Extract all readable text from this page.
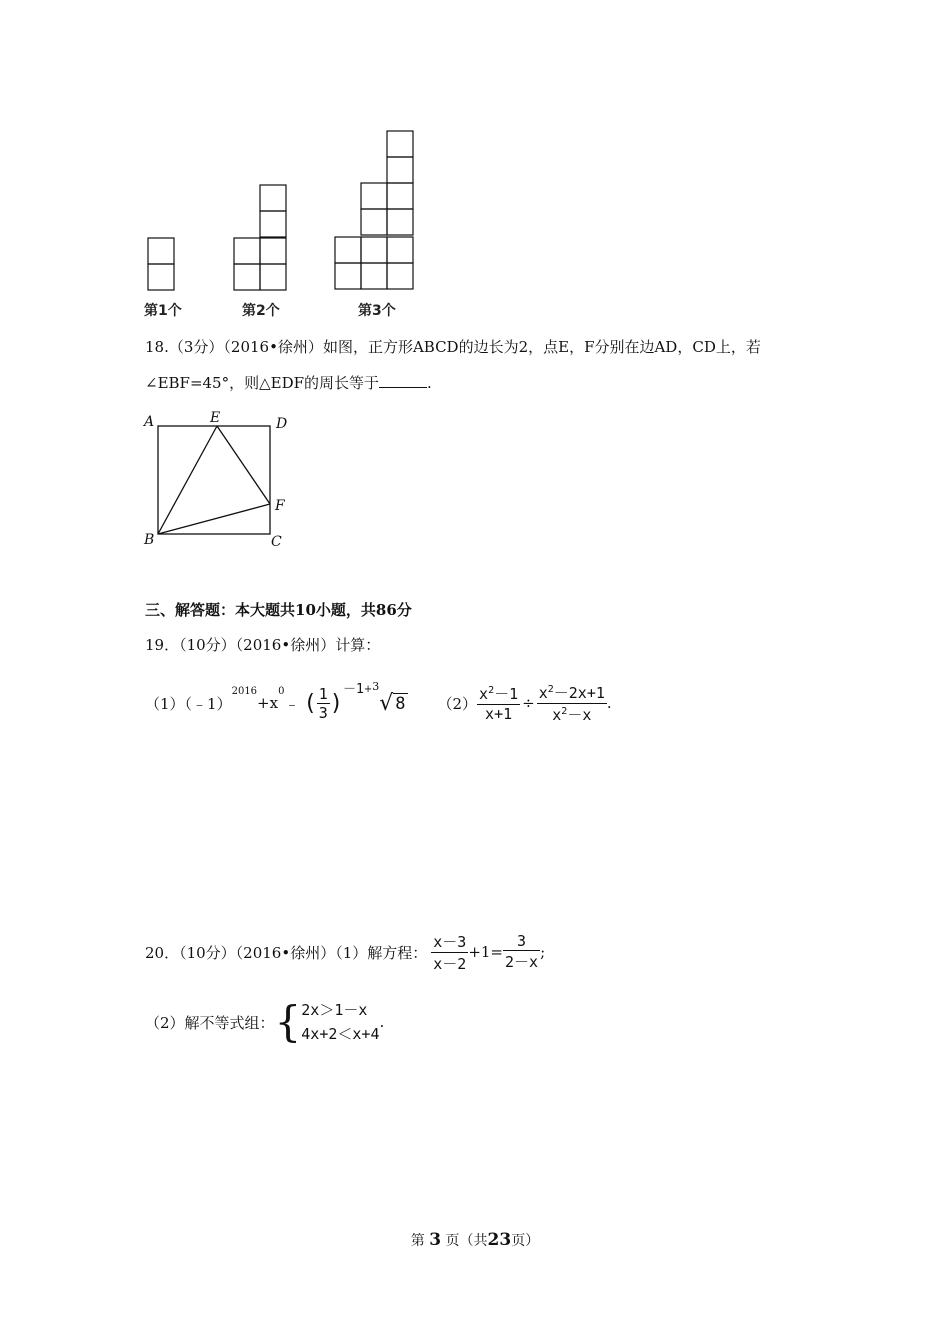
第1个	第2个	第3个
18.（3分）（2016•徐州）如图，正方形ABCD的边长为2，点E，F分别在边AD，CD上，若
∠EBF=45°，则△EDF的周长等于	.
A	E	D
F
B	C
三、解答题：本大题共10小题，共86分
19．（10分）（2016•徐州）计算：
（1）（﹣1）
$^{2016}$
+x
$^0$
﹣ ( $\frac{1}{3}$ )
－1 +$^3$
√ 8 $(2) \frac{x^2-1}{x+1} \div \frac{x^2-2x+1}{x^2-x}$ .
20．（10分）（2016•徐州）（1）解方程： $\frac{x-3}{x-2} +1= \frac{3}{2-x}$ ;
（2）解不等式组： { 2x＞1－x
4x+2＜x+4
.
第 3 页（共23页）
